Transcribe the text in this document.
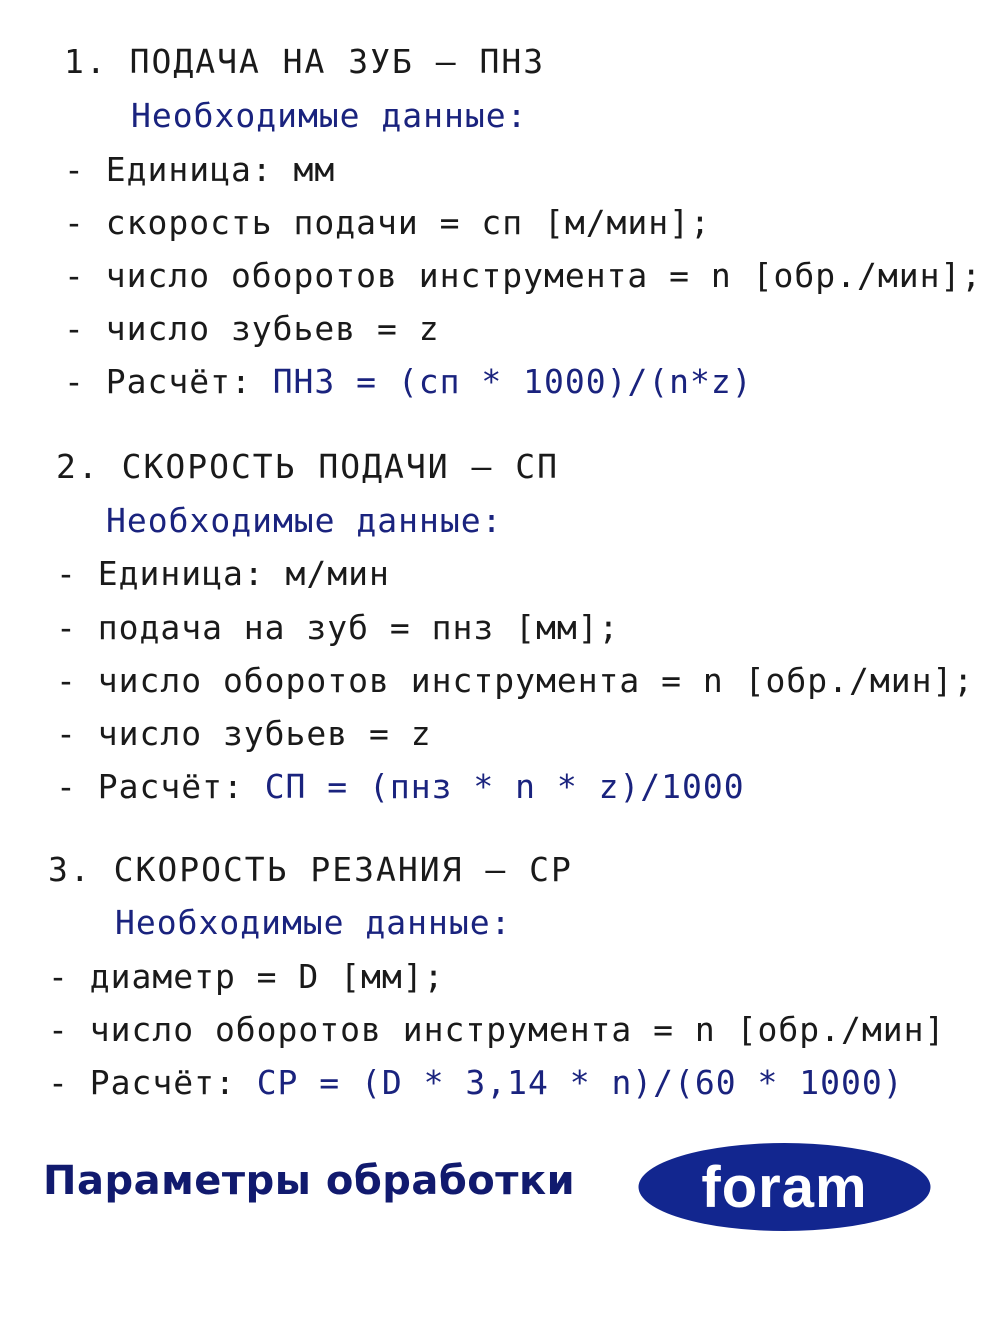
1. ПОДАЧА НА ЗУБ – ПНЗ
Необходимые данные:
- Единица: мм
- скорость подачи = сп [м/мин];
- число оборотов инструмента = n [обр./мин];
- число зубьев = z
- Расчёт: ПНЗ = (сп * 1000)/(n*z)
2. СКОРОСТЬ ПОДАЧИ – СП
Необходимые данные:
- Единица: м/мин
- подача на зуб = пнз [мм];
- число оборотов инструмента = n [обр./мин];
- число зубьев = z
- Расчёт: СП = (пнз * n * z)/1000
3. СКОРОСТЬ РЕЗАНИЯ – СР
Необходимые данные:
- диаметр = D [мм];
- число оборотов инструмента = n [обр./мин]
- Расчёт: СР = (D * 3,14 * n)/(60 * 1000)
Параметры обработки foram
